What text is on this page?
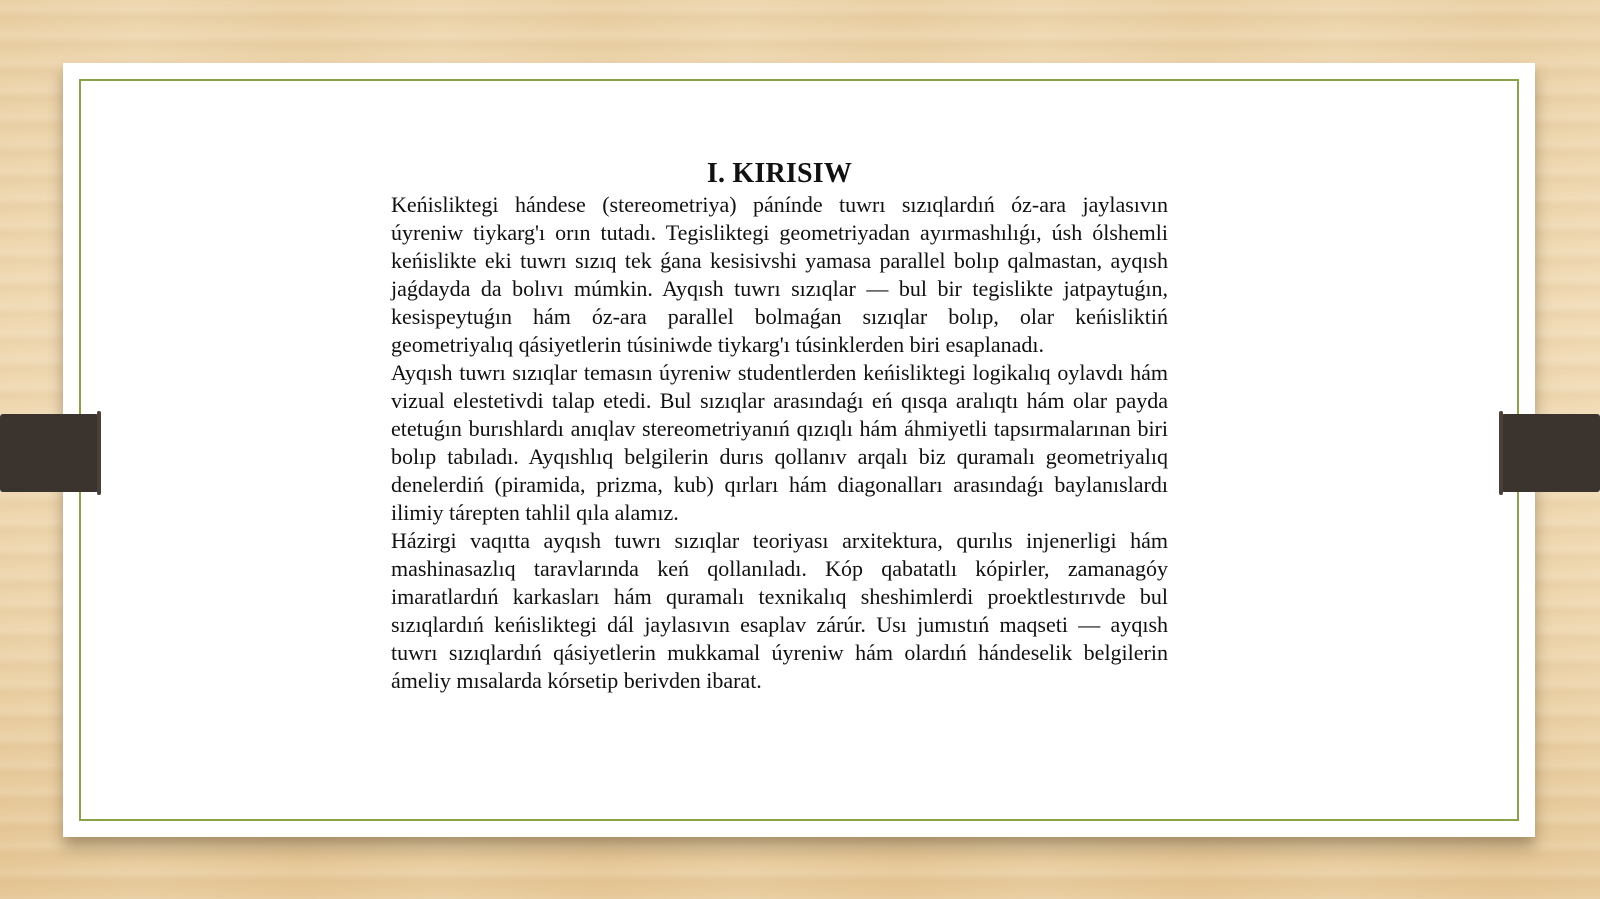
I. KIRISIW

Keńisliktegi hándese (stereometriya) pánínde tuwrı sızıqlardıń óz-ara jaylasıvın úyreniw tiykarg'ı orın tutadı. Tegisliktegi geometriyadan ayırmashılıǵı, úsh ólshemli keńislikte eki tuwrı sızıq tek ǵana kesisivshi yamasa parallel bolıp qalmastan, ayqısh jaǵdayda da bolıvı múmkin. Ayqısh tuwrı sızıqlar — bul bir tegislikte jatpaytuǵın, kesispeytuǵın hám óz-ara parallel bolmaǵan sızıqlar bolıp, olar keńisliktiń geometriyalıq qásiyetlerin túsiniwde tiykarg'ı túsinklerden biri esaplanadı.

Ayqısh tuwrı sızıqlar temasın úyreniw studentlerden keńisliktegi logikalıq oylavdı hám vizual elestetivdi talap etedi. Bul sızıqlar arasındaǵı eń qısqa aralıqtı hám olar payda etetuǵın burıshlardı anıqlav stereometriyanıń qızıqlı hám áhmiyetli tapsırmalarınan biri bolıp tabıladı. Ayqıshlıq belgilerin durıs qollanıv arqalı biz quramalı geometriyalıq denelerdiń (piramida, prizma, kub) qırları hám diagonalları arasındaǵı baylanıslardı ilimiy tárepten tahlil qıla alamız.

Házirgi vaqıtta ayqısh tuwrı sızıqlar teoriyası arxitektura, qurılıs injenerligi hám mashinasazlıq taravlarında keń qollanıladı. Kóp qabatatlı kópirler, zamanagóy imaratlardıń karkasları hám quramalı texnikalıq sheshimlerdi proektlestırıvde bul sızıqlardıń keńisliktegi dál jaylasıvın esaplav zárúr. Usı jumıstıń maqseti — ayqısh tuwrı sızıqlardıń qásiyetlerin mukkamal úyreniw hám olardıń hándeselik belgilerin ámeliy mısalarda kórsetip berivden ibarat.
